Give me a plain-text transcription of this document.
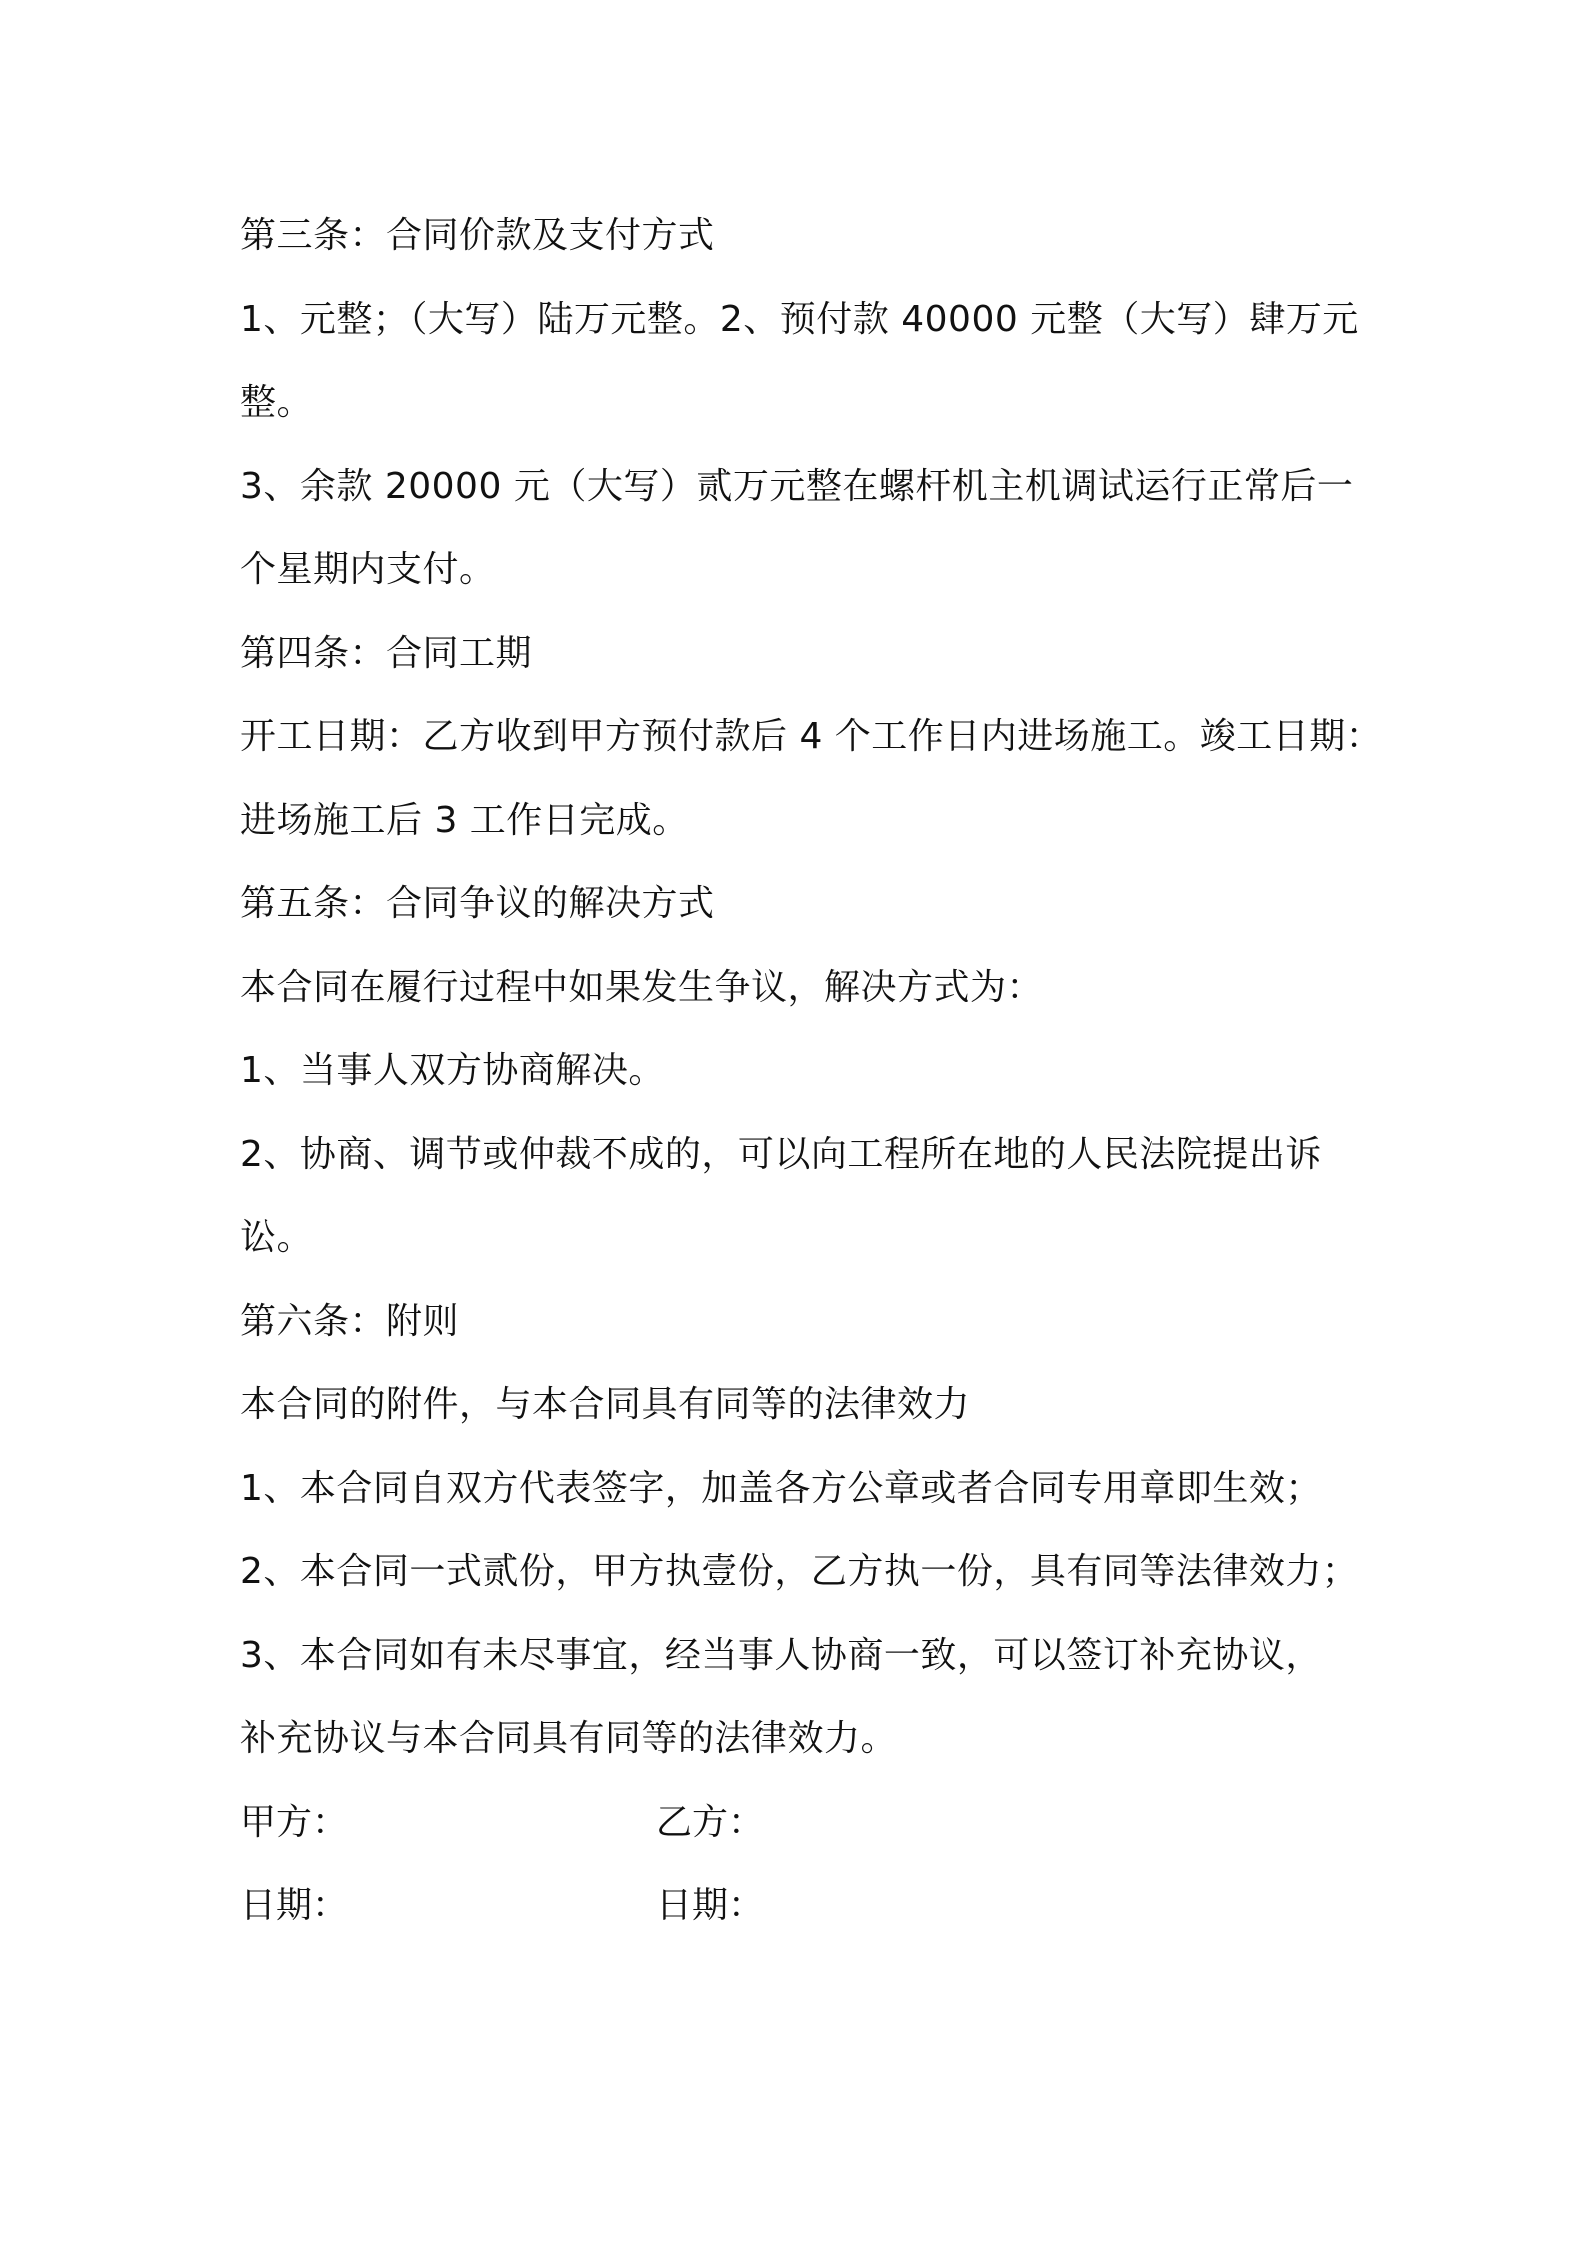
第三条：合同价款及支付方式
1、元整；（大写）陆万元整。2、预付款 40000 元整（大写）肆万元
整。
3、余款 20000 元（大写）贰万元整在螺杆机主机调试运行正常后一
个星期内支付。
第四条：合同工期
开工日期：乙方收到甲方预付款后 4 个工作日内进场施工。竣工日期：
进场施工后 3 工作日完成。
第五条：合同争议的解决方式
本合同在履行过程中如果发生争议，解决方式为：
1、当事人双方协商解决。
2、协商、调节或仲裁不成的，可以向工程所在地的人民法院提出诉
讼。
第六条：附则
本合同的附件，与本合同具有同等的法律效力
1、本合同自双方代表签字，加盖各方公章或者合同专用章即生效；
2、本合同一式贰份，甲方执壹份，乙方执一份，具有同等法律效力；
3、本合同如有未尽事宜，经当事人协商一致，可以签订补充协议，
补充协议与本合同具有同等的法律效力。
甲方：	乙方：
日期：	日期：
